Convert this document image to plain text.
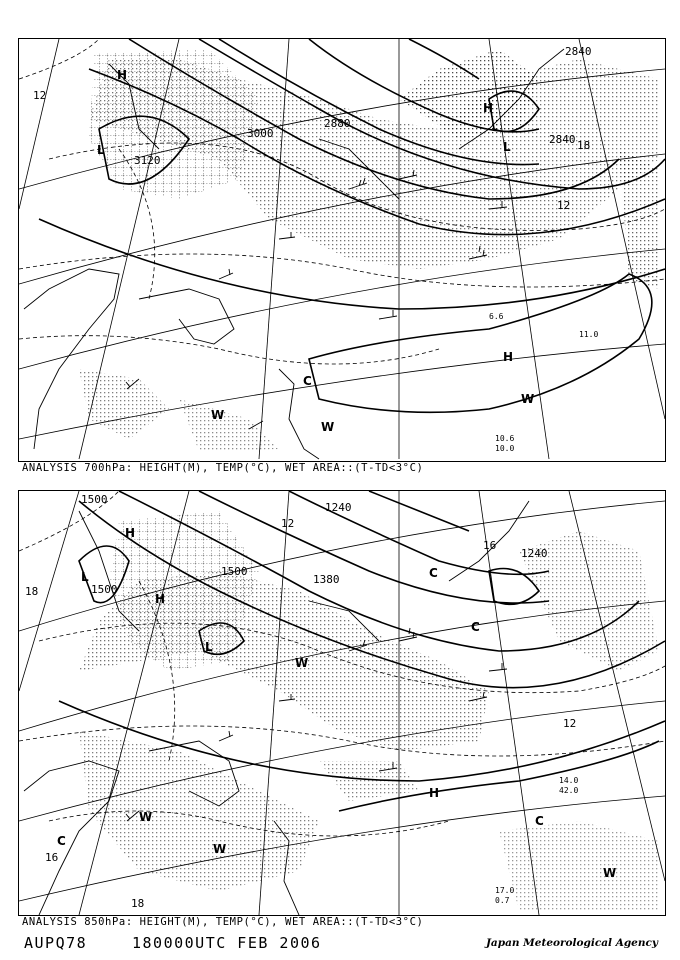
3120
3000
2880
2840
2840
12
18
12
H
L
H
L
H
W
W
W
C
6.6
11.0
10.6
10.0
ANALYSIS 700hPa: HEIGHT(M), TEMP(°C), WET AREA::(T-TD<3°C)
1500
1500
1500
1380
1240
1240
18
16
12
12
16
18
H
L
H
C
L
C
W
H
W
W
W
C
C
14.0
42.0
17.0
0.7
ANALYSIS 850hPa: HEIGHT(M), TEMP(°C), WET AREA::(T-TD<3°C)
AUPQ78	180000UTC FEB 2006	Japan Meteorological Agency
